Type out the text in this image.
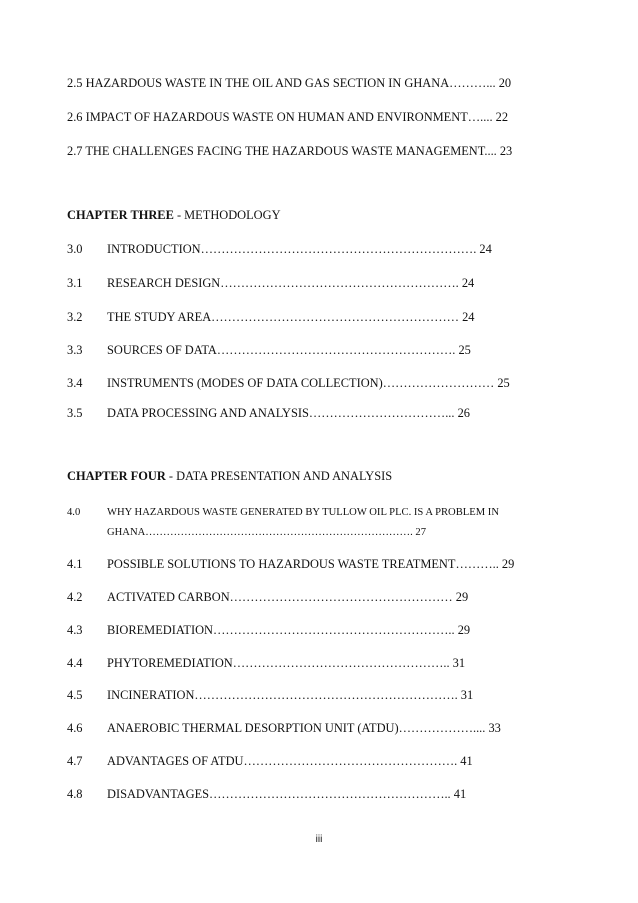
2.5 HAZARDOUS WASTE IN THE OIL AND GAS SECTION IN GHANA………... 20
2.6 IMPACT OF HAZARDOUS WASTE ON HUMAN AND ENVIRONMENT….... 22
2.7 THE CHALLENGES FACING THE HAZARDOUS WASTE MANAGEMENT.... 23
CHAPTER THREE - METHODOLOGY
3.0 INTRODUCTION…………………………………………………………. 24
3.1 RESEARCH DESIGN…………………………………………………. 24
3.2 THE STUDY AREA…………………………………………………… 24
3.3 SOURCES OF DATA…………………………………………………. 25
3.4 INSTRUMENTS (MODES OF DATA COLLECTION)……………………… 25
3.5 DATA PROCESSING AND ANALYSIS……………………………... 26
CHAPTER FOUR - DATA PRESENTATION AND ANALYSIS
4.0	WHY HAZARDOUS WASTE GENERATED BY TULLOW OIL PLC. IS A PROBLEM IN
GHANA…………………………………………………………………. 27
4.1 POSSIBLE SOLUTIONS TO HAZARDOUS WASTE TREATMENT……….. 29
4.2 ACTIVATED CARBON……………………………………………… 29
4.3 BIOREMEDIATION………………………………………………….. 29
4.4 PHYTOREMEDIATION…………………………………………….. 31
4.5 INCINERATION………………………………………………………. 31
4.6 ANAEROBIC THERMAL DESORPTION UNIT (ATDU)……………….... 33
4.7 ADVANTAGES OF ATDU……………………………………………. 41
4.8 DISADVANTAGES………………………………………………….. 41
iii
